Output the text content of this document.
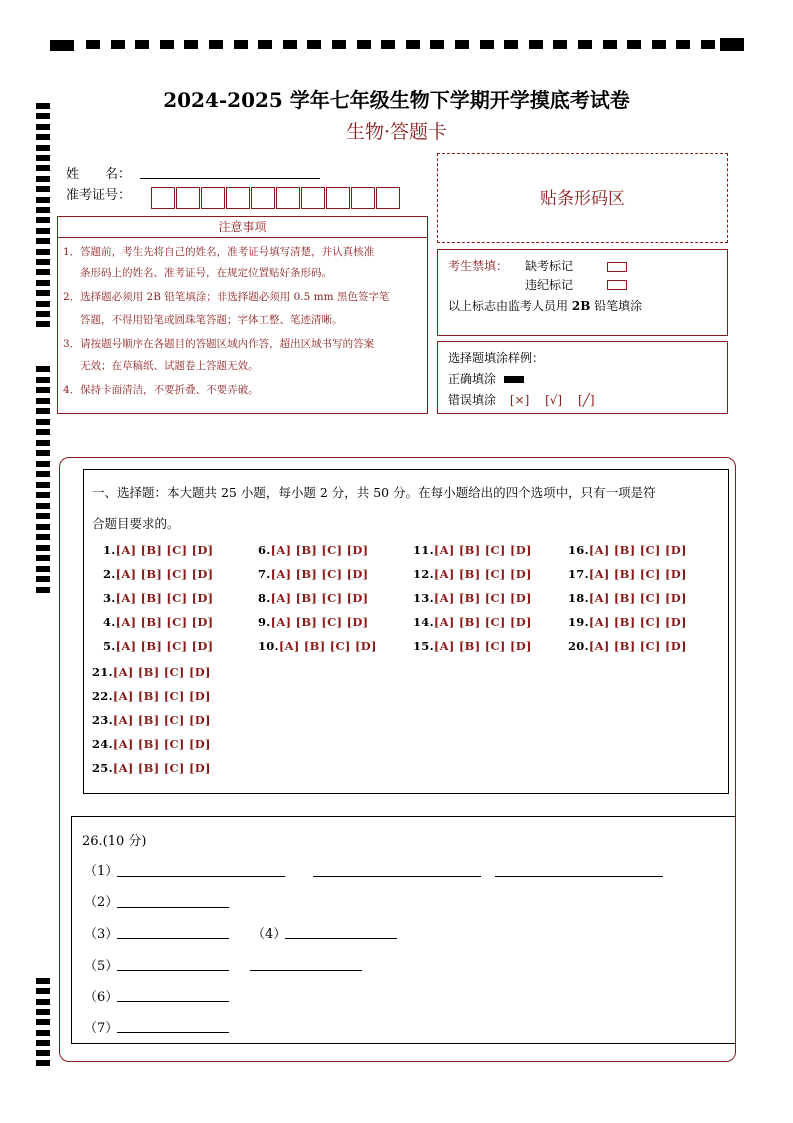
2024-2025 学年七年级生物下学期开学摸底考试卷
生物·答题卡
姓　　名：
准考证号：	贴条形码区
注意事项
1．答题前，考生先将自己的姓名，准考证号填写清楚，并认真核准
条形码上的姓名、准考证号，在规定位置贴好条形码。
2．选择题必须用 2B 铅笔填涂；非选择题必须用 0.5 mm 黑色签字笔
答题，不得用铅笔或圆珠笔答题；字体工整、笔迹清晰。
3．请按题号顺序在各题目的答题区域内作答，超出区域书写的答案
无效；在草稿纸、试题卷上答题无效。
4．保持卡面清洁，不要折叠、不要弄破。
考生禁填： 缺考标记
违纪标记
以上标志由监考人员用 2B 铅笔填涂
选择题填涂样例：
正确填涂
错误填涂 [×] [√] [╱]
一、选择题：本大题共 25 小题，每小题 2 分，共 50 分。在每小题给出的四个选项中，只有一项是符
合题目要求的。
1.[A] [B] [C] [D]
2.[A] [B] [C] [D]
3.[A] [B] [C] [D]
4.[A] [B] [C] [D]
5.[A] [B] [C] [D]
6.[A] [B] [C] [D]
7.[A] [B] [C] [D]
8.[A] [B] [C] [D]
9.[A] [B] [C] [D]
10.[A] [B] [C] [D]
11.[A] [B] [C] [D]
12.[A] [B] [C] [D]
13.[A] [B] [C] [D]
14.[A] [B] [C] [D]
15.[A] [B] [C] [D]
16.[A] [B] [C] [D]
17.[A] [B] [C] [D]
18.[A] [B] [C] [D]
19.[A] [B] [C] [D]
20.[A] [B] [C] [D]
21.[A] [B] [C] [D]
22.[A] [B] [C] [D]
23.[A] [B] [C] [D]
24.[A] [B] [C] [D]
25.[A] [B] [C] [D]
26.(10 分)
（1）
（2）
（3）	（4）
（5）
（6）
（7）
